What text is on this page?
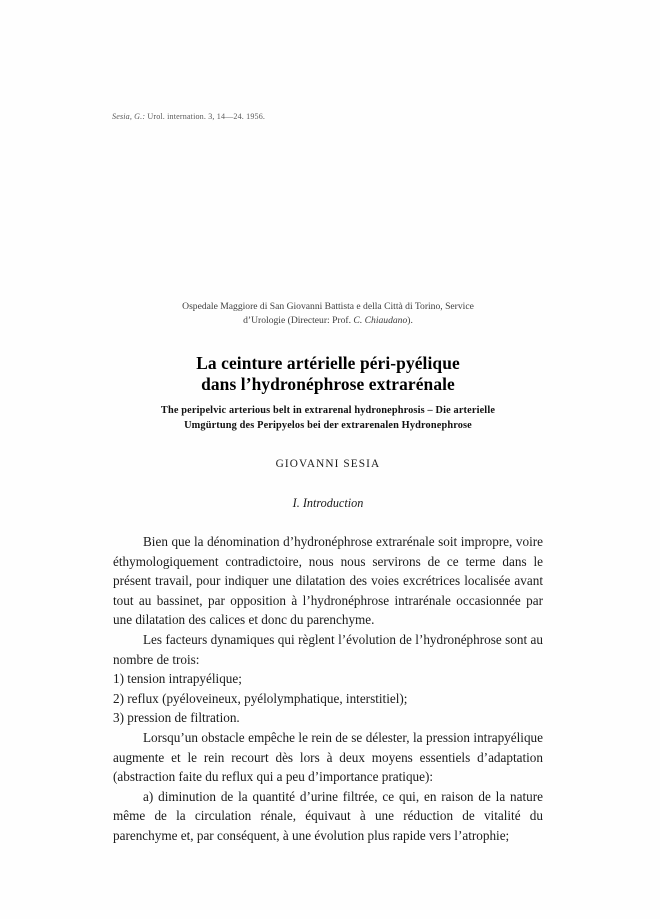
Sesia, G.: Urol. internation. 3, 14—24. 1956.
Ospedale Maggiore di San Giovanni Battista e della Città di Torino, Service
d’Urologie (Directeur: Prof. C. Chiaudano).
La ceinture artérielle péri-pyélique
dans l’hydronéphrose extrarénale
The peripelvic arterious belt in extrarenal hydronephrosis – Die arterielle
Umgürtung des Peripyelos bei der extrarenalen Hydronephrose
GIOVANNI SESIA
I. Introduction

Bien que la dénomination d’hydronéphrose extrarénale soit impropre, voire éthymologiquement contradictoire, nous nous servirons de ce terme dans le présent travail, pour indiquer une dilatation des voies excrétrices localisée avant tout au bassinet, par opposition à l’hydronéphrose intrarénale occasionnée par une dilatation des calices et donc du parenchyme.

Les facteurs dynamiques qui règlent l’évolution de l’hydronéphrose sont au nombre de trois:

1) tension intrapyélique;

2) reflux (pyéloveineux, pyélolymphatique, interstitiel);

3) pression de filtration.

Lorsqu’un obstacle empêche le rein de se délester, la pression intrapyélique augmente et le rein recourt dès lors à deux moyens essentiels d’adaptation (abstraction faite du reflux qui a peu d’importance pratique):

a) diminution de la quantité d’urine filtrée, ce qui, en raison de la nature même de la circulation rénale, équivaut à une réduction de vitalité du parenchyme et, par conséquent, à une évolution plus rapide vers l’atrophie;
